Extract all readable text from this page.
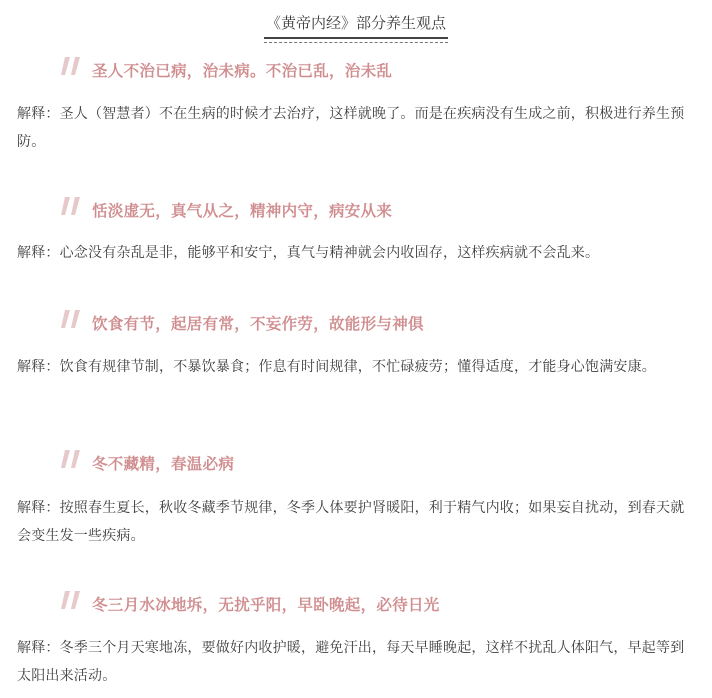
《黄帝内经》部分养生观点
圣人不治已病，治未病。不治已乱，治未乱
解释：圣人（智慧者）不在生病的时候才去治疗，这样就晚了。而是在疾病没有生成之前，积极进行养生预防。
恬淡虚无，真气从之，精神内守，病安从来
解释：心念没有杂乱是非，能够平和安宁，真气与精神就会内收固存，这样疾病就不会乱来。
饮食有节，起居有常，不妄作劳，故能形与神俱
解释：饮食有规律节制，不暴饮暴食；作息有时间规律，不忙碌疲劳；懂得适度，才能身心饱满安康。
冬不藏精，春温必病
解释：按照春生夏长，秋收冬藏季节规律，冬季人体要护肾暖阳，利于精气内收；如果妄自扰动，到春天就会变生发一些疾病。
冬三月水冰地坼，无扰乎阳，早卧晚起，必待日光
解释：冬季三个月天寒地冻，要做好内收护暖，避免汗出，每天早睡晚起，这样不扰乱人体阳气，早起等到太阳出来活动。
